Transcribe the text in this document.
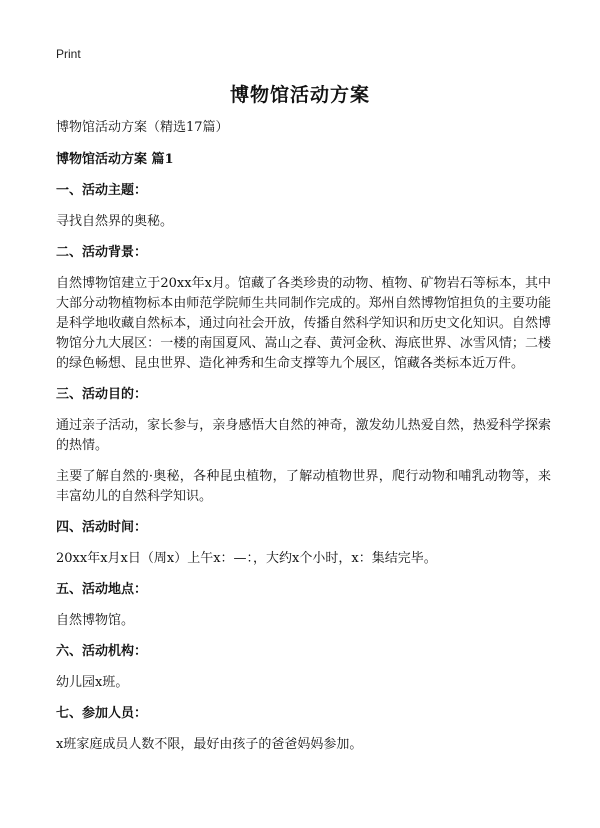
Print
博物馆活动方案
博物馆活动方案（精选17篇）
博物馆活动方案 篇1
一、活动主题：
寻找自然界的奥秘。
二、活动背景：
自然博物馆建立于20xx年x月。馆藏了各类珍贵的动物、植物、矿物岩石等标本，其中大部分动物植物标本由师范学院师生共同制作完成的。郑州自然博物馆担负的主要功能是科学地收藏自然标本，通过向社会开放，传播自然科学知识和历史文化知识。自然博物馆分九大展区：一楼的南国夏风、嵩山之春、黄河金秋、海底世界、冰雪风情；二楼的绿色畅想、昆虫世界、造化神秀和生命支撑等九个展区，馆藏各类标本近万件。
三、活动目的：
通过亲子活动，家长参与，亲身感悟大自然的神奇，激发幼儿热爱自然，热爱科学探索的热情。
主要了解自然的·奥秘，各种昆虫植物，了解动植物世界，爬行动物和哺乳动物等，来丰富幼儿的自然科学知识。
四、活动时间：
20xx年x月x日（周x）上午x：—：，大约x个小时，x：集结完毕。
五、活动地点：
自然博物馆。
六、活动机构：
幼儿园x班。
七、参加人员：
x班家庭成员人数不限，最好由孩子的爸爸妈妈参加。
